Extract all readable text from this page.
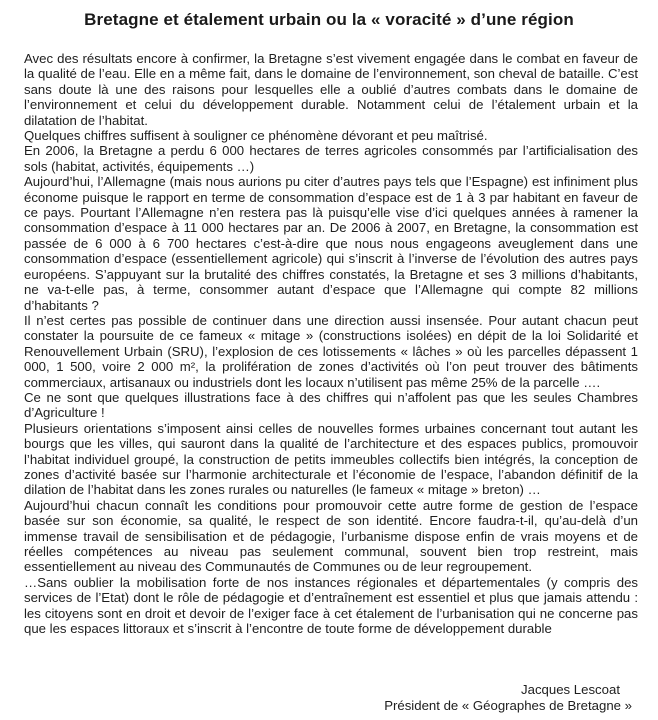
Bretagne et étalement urbain ou la « voracité » d’une région

Avec des résultats encore à confirmer, la Bretagne s’est vivement engagée dans le combat en faveur de la qualité de l’eau. Elle en a même fait, dans le domaine de l’environnement, son cheval de bataille. C’est sans doute là une des raisons pour lesquelles elle a oublié d’autres combats dans le domaine de l’environnement et celui du développement durable. Notamment celui de l’étalement urbain et la dilatation de l’habitat.

Quelques chiffres suffisent à souligner ce phénomène dévorant et peu maîtrisé.

En 2006, la Bretagne a perdu 6 000 hectares de terres agricoles consommés par l’artificialisation des sols (habitat, activités, équipements …)

Aujourd’hui, l’Allemagne (mais nous aurions pu citer d’autres pays tels que l’Espagne) est infiniment plus économe puisque le rapport en terme de consommation d’espace est de 1 à 3 par habitant en faveur de ce pays. Pourtant l’Allemagne n’en restera pas là puisqu’elle vise d’ici quelques années à ramener la consommation d’espace à 11 000 hectares par an. De 2006 à 2007, en Bretagne, la consommation est passée de 6 000 à 6 700 hectares c’est-à-dire que nous nous engageons aveuglement dans une consommation d’espace (essentiellement agricole) qui s’inscrit à l’inverse de l’évolution des autres pays européens. S’appuyant sur la brutalité des chiffres constatés, la Bretagne et ses 3 millions d’habitants, ne va-t-elle pas, à terme, consommer autant d’espace que l’Allemagne qui compte 82 millions d’habitants ?

Il n’est certes pas possible de continuer dans une direction aussi insensée. Pour autant chacun peut constater la poursuite de ce fameux « mitage » (constructions isolées) en dépit de la loi Solidarité et Renouvellement Urbain (SRU), l’explosion de ces lotissements « lâches » où les parcelles dépassent 1 000, 1 500, voire 2 000 m², la prolifération de zones d’activités où l’on peut trouver des bâtiments commerciaux, artisanaux ou industriels dont les locaux n’utilisent pas même 25% de la parcelle ….

Ce ne sont que quelques illustrations face à des chiffres qui n’affolent pas que les seules Chambres d’Agriculture !

Plusieurs orientations s’imposent ainsi celles de nouvelles formes urbaines concernant tout autant les bourgs que les villes, qui sauront dans la qualité de l’architecture et des espaces publics, promouvoir l’habitat individuel groupé, la construction de petits immeubles collectifs bien intégrés, la conception de zones d’activité basée sur l’harmonie architecturale et l’économie de l’espace, l’abandon définitif de la dilation de l’habitat dans les zones rurales ou naturelles (le fameux « mitage » breton) …

Aujourd’hui chacun connaît les conditions pour promouvoir cette autre forme de gestion de l’espace basée sur son économie, sa qualité, le respect de son identité. Encore faudra-t-il, qu’au-delà d’un immense travail de sensibilisation et de pédagogie, l’urbanisme dispose enfin de vrais moyens et de réelles compétences au niveau pas seulement communal, souvent bien trop restreint, mais essentiellement au niveau des Communautés de Communes ou de leur regroupement.

…Sans oublier la mobilisation forte de nos instances régionales et départementales (y compris des services de l’Etat) dont le rôle de pédagogie et d’entraînement est essentiel et plus que jamais attendu : les citoyens sont en droit et devoir de l’exiger face à cet étalement de l’urbanisation qui ne concerne pas que les espaces littoraux et s’inscrit à l’encontre de toute forme de développement durable

Jacques Lescoat
Président de « Géographes de Bretagne »
